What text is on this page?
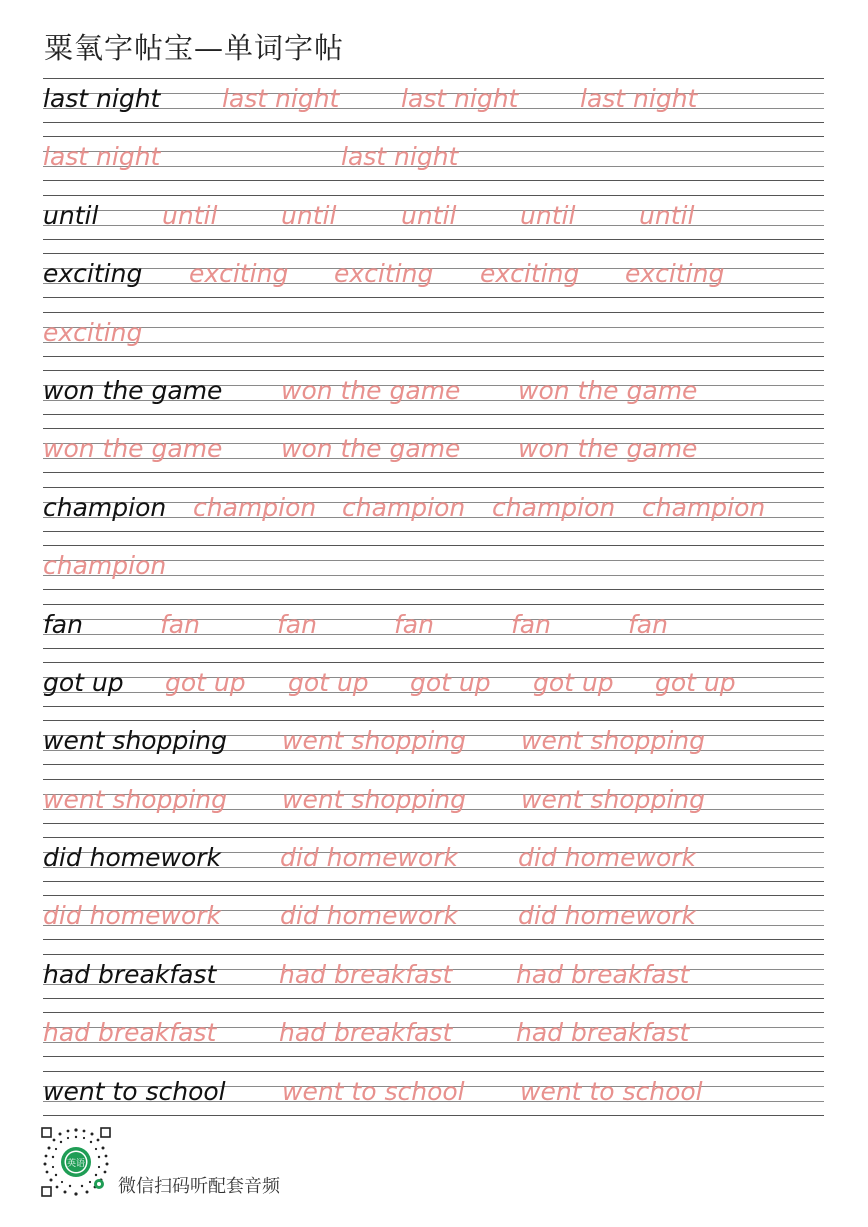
粟氧字帖宝—单词字帖
last night last night last night last night
last night	last night
until	until	until	until	until	until
exciting exciting exciting exciting exciting
exciting
won the game won the game won the game
won the game won the game won the game
champion champion champion champion champion
champion
fan	fan	fan	fan	fan	fan
got up got up got up got up got up got up
went shopping went shopping went shopping
went shopping went shopping went shopping
did homework did homework did homework
did homework did homework did homework
had breakfast	had breakfast	had breakfast
had breakfast	had breakfast	had breakfast
went to school went to school went to school
英语
微信扫码听配套音频
